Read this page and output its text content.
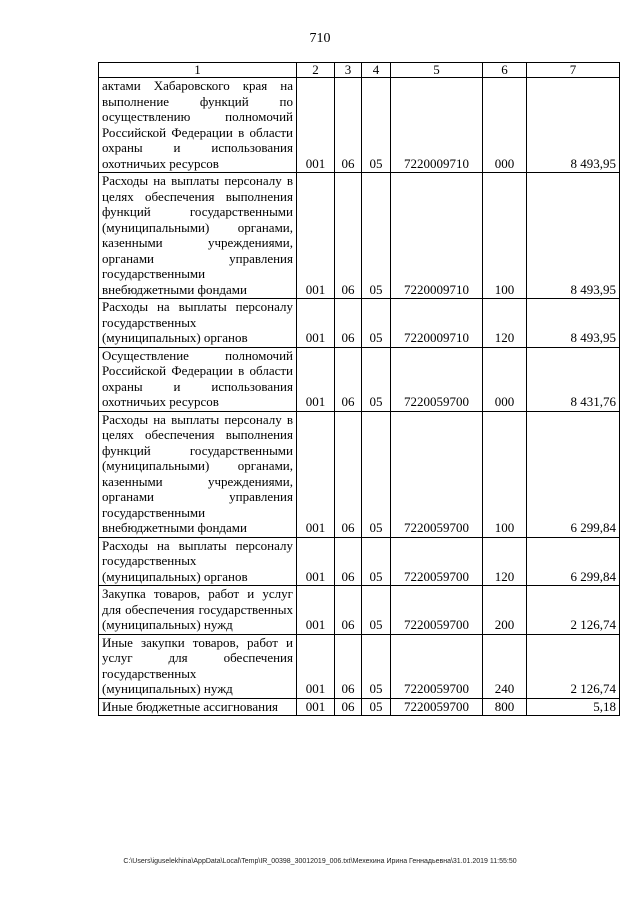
710
1	2	3	4	5	6	7
актами Хабаровского края на выполнение функций по осуществлению полномочий Российской Федерации в области охраны и использования охотничьих ресурсов	001	06	05	7220009710	000	8 493,95
Расходы на выплаты персоналу в целях обеспечения выполнения функций государственными (муниципальными) органами, казенными учреждениями, органами управления государственными внебюджетными фондами	001	06	05	7220009710	100	8 493,95
Расходы на выплаты персоналу государственных (муниципальных) органов	001	06	05	7220009710	120	8 493,95
Осуществление полномочий Российской Федерации в области охраны и использования охотничьих ресурсов	001	06	05	7220059700	000	8 431,76
Расходы на выплаты персоналу в целях обеспечения выполнения функций государственными (муниципальными) органами, казенными учреждениями, органами управления государственными внебюджетными фондами	001	06	05	7220059700	100	6 299,84
Расходы на выплаты персоналу государственных (муниципальных) органов	001	06	05	7220059700	120	6 299,84
Закупка товаров, работ и услуг для обеспечения государственных (муниципальных) нужд	001	06	05	7220059700	200	2 126,74
Иные закупки товаров, работ и услуг для обеспечения государственных (муниципальных) нужд	001	06	05	7220059700	240	2 126,74
Иные бюджетные ассигнования	001	06	05	7220059700	800	5,18
C:\Users\iguselekhina\AppData\Local\Temp\IR_00398_30012019_006.txt\Мехехина Ирина Геннадьевна\31.01.2019 11:55:50
